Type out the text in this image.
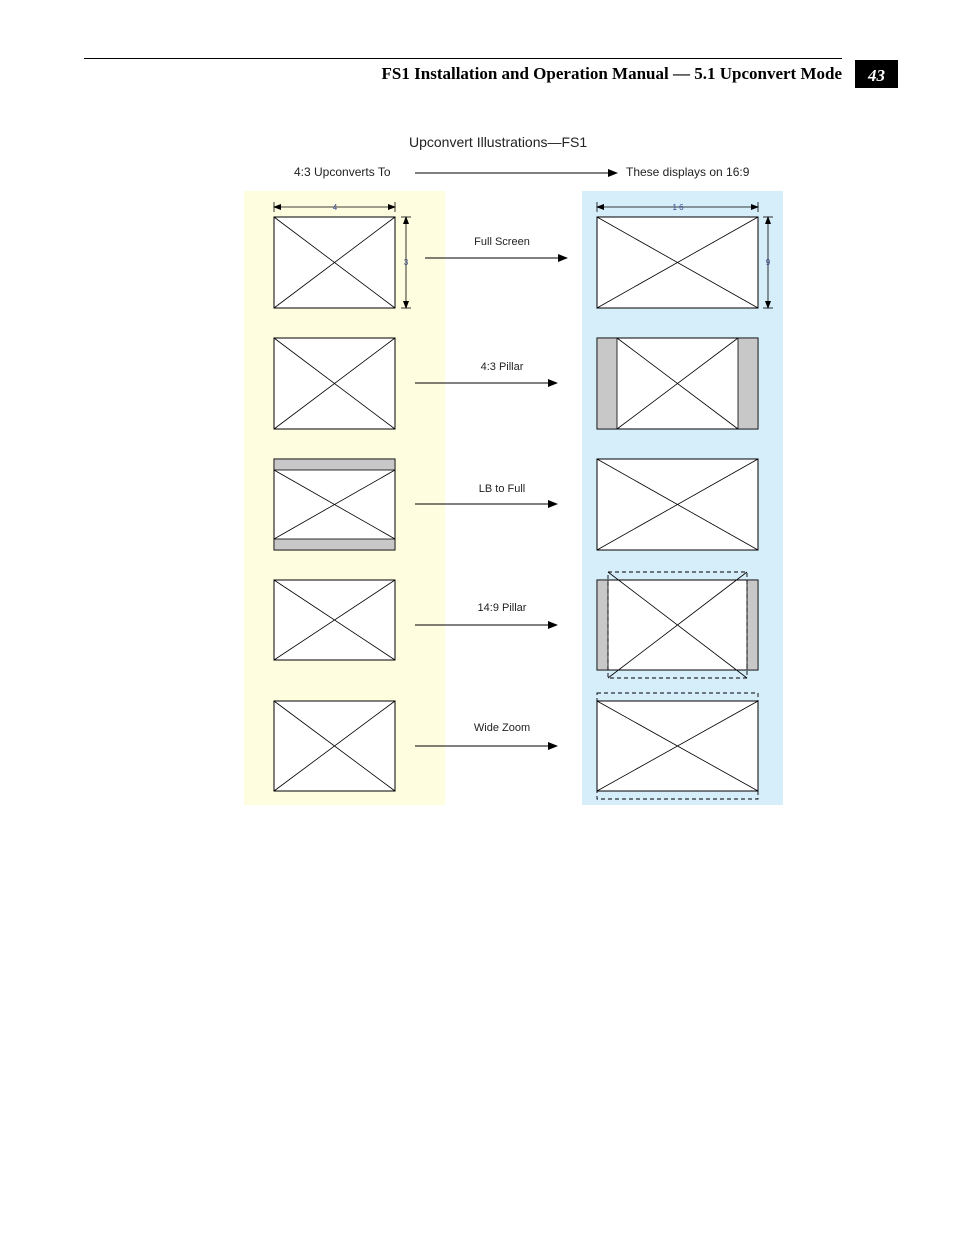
FS1 Installation and Operation Manual — 5.1 Upconvert Mode	43
Upconvert Illustrations—FS1
4:3 Upconverts To	These displays on 16:9
Full Screen
4:3 Pillar
LB to Full
14:9 Pillar
Wide Zoom
4
3
1 6
9
